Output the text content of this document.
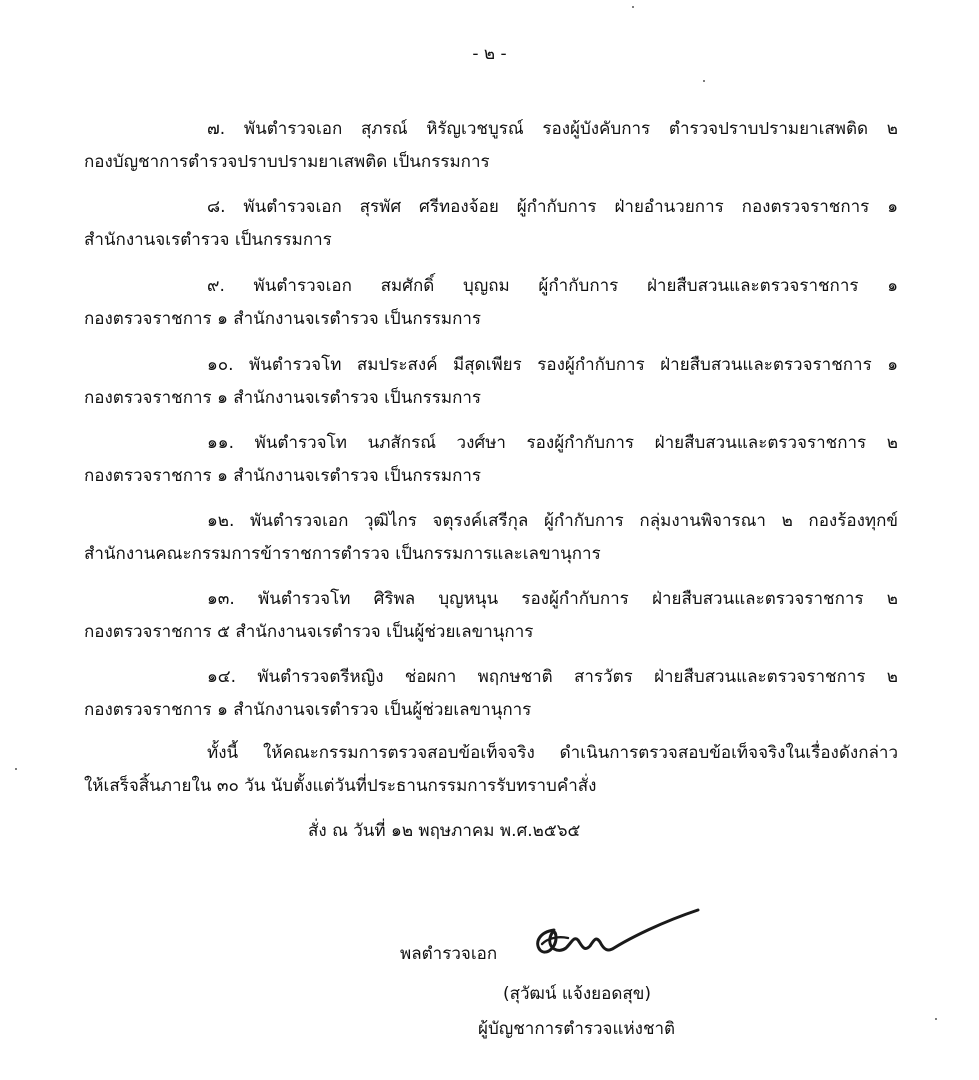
- ๒ -
๗. พันตำรวจเอก สุภรณ์ หิรัญเวชบูรณ์ รองผู้บังคับการ ตำรวจปราบปรามยาเสพติด ๒
กองบัญชาการตำรวจปราบปรามยาเสพติด เป็นกรรมการ
๘. พันตำรวจเอก สุรพัศ ศรีทองจ้อย ผู้กำกับการ ฝ่ายอำนวยการ กองตรวจราชการ ๑
สำนักงานจเรตำรวจ เป็นกรรมการ
๙. พันตำรวจเอก สมศักดิ์ บุญถม ผู้กำกับการ ฝ่ายสืบสวนและตรวจราชการ ๑
กองตรวจราชการ ๑ สำนักงานจเรตำรวจ เป็นกรรมการ
๑๐. พันตำรวจโท สมประสงค์ มีสุดเพียร รองผู้กำกับการ ฝ่ายสืบสวนและตรวจราชการ ๑
กองตรวจราชการ ๑ สำนักงานจเรตำรวจ เป็นกรรมการ
๑๑. พันตำรวจโท นภสักรณ์ วงศ์ษา รองผู้กำกับการ ฝ่ายสืบสวนและตรวจราชการ ๒
กองตรวจราชการ ๑ สำนักงานจเรตำรวจ เป็นกรรมการ
๑๒. พันตำรวจเอก วุฒิไกร จตุรงค์เสรีกุล ผู้กำกับการ กลุ่มงานพิจารณา ๒ กองร้องทุกข์
สำนักงานคณะกรรมการข้าราชการตำรวจ เป็นกรรมการและเลขานุการ
๑๓. พันตำรวจโท ศิริพล บุญหนุน รองผู้กำกับการ ฝ่ายสืบสวนและตรวจราชการ ๒
กองตรวจราชการ ๕ สำนักงานจเรตำรวจ เป็นผู้ช่วยเลขานุการ
๑๔. พันตำรวจตรีหญิง ช่อผกา พฤกษชาติ สารวัตร ฝ่ายสืบสวนและตรวจราชการ ๒
กองตรวจราชการ ๑ สำนักงานจเรตำรวจ เป็นผู้ช่วยเลขานุการ
ทั้งนี้ ให้คณะกรรมการตรวจสอบข้อเท็จจริง ดำเนินการตรวจสอบข้อเท็จจริงในเรื่องดังกล่าว
ให้เสร็จสิ้นภายใน ๓๐ วัน นับตั้งแต่วันที่ประธานกรรมการรับทราบคำสั่ง
สั่ง ณ วันที่ ๑๒ พฤษภาคม พ.ศ.๒๕๖๕
พลตำรวจเอก
(สุวัฒน์ แจ้งยอดสุข)
ผู้บัญชาการตำรวจแห่งชาติ
